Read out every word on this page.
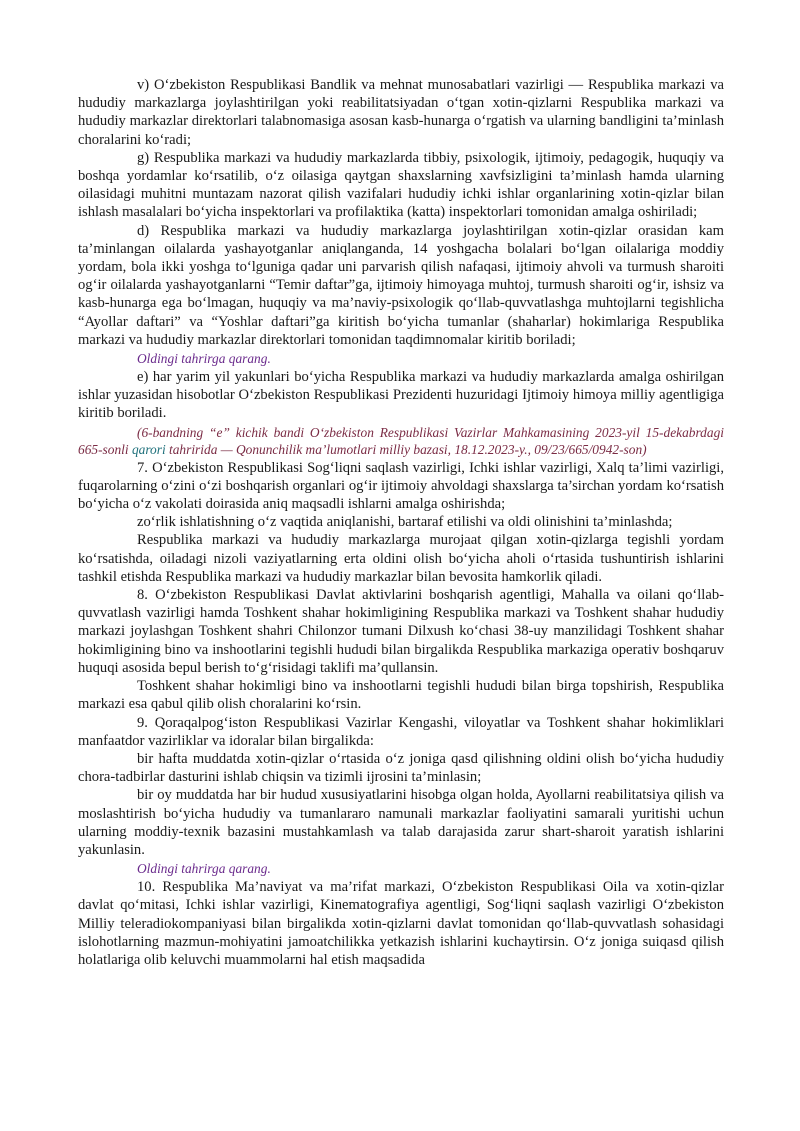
v) O‘zbekiston Respublikasi Bandlik va mehnat munosabatlari vazirligi — Respublika markazi va hududiy markazlarga joylashtirilgan yoki reabilitatsiyadan o‘tgan xotin-qizlarni Respublika markazi va hududiy markazlar direktorlari talabnomasiga asosan kasb-hunarga o‘rgatish va ularning bandligini ta’minlash choralarini ko‘radi;

g) Respublika markazi va hududiy markazlarda tibbiy, psixologik, ijtimoiy, pedagogik, huquqiy va boshqa yordamlar ko‘rsatilib, o‘z oilasiga qaytgan shaxslarning xavfsizligini ta’minlash hamda ularning oilasidagi muhitni muntazam nazorat qilish vazifalari hududiy ichki ishlar organlarining xotin-qizlar bilan ishlash masalalari bo‘yicha inspektorlari va profilaktika (katta) inspektorlari tomonidan amalga oshiriladi;

d) Respublika markazi va hududiy markazlarga joylashtirilgan xotin-qizlar orasidan kam ta’minlangan oilalarda yashayotganlar aniqlanganda, 14 yoshgacha bolalari bo‘lgan oilalariga moddiy yordam, bola ikki yoshga to‘lguniga qadar uni parvarish qilish nafaqasi, ijtimoiy ahvoli va turmush sharoiti og‘ir oilalarda yashayotganlarni “Temir daftar”ga, ijtimoiy himoyaga muhtoj, turmush sharoiti og‘ir, ishsiz va kasb-hunarga ega bo‘lmagan, huquqiy va ma’naviy-psixologik qo‘llab-quvvatlashga muhtojlarni tegishlicha “Ayollar daftari” va “Yoshlar daftari”ga kiritish bo‘yicha tumanlar (shaharlar) hokimlariga Respublika markazi va hududiy markazlar direktorlari tomonidan taqdimnomalar kiritib boriladi;

Oldingi tahrirga qarang.

e) har yarim yil yakunlari bo‘yicha Respublika markazi va hududiy markazlarda amalga oshirilgan ishlar yuzasidan hisobotlar O‘zbekiston Respublikasi Prezidenti huzuridagi Ijtimoiy himoya milliy agentligiga kiritib boriladi.

(6-bandning “e” kichik bandi O‘zbekiston Respublikasi Vazirlar Mahkamasining 2023-yil 15-dekabrdagi 665-sonli qarori tahririda — Qonunchilik ma’lumotlari milliy bazasi, 18.12.2023-y., 09/23/665/0942-son)

7. O‘zbekiston Respublikasi Sog‘liqni saqlash vazirligi, Ichki ishlar vazirligi, Xalq ta’limi vazirligi, fuqarolarning o‘zini o‘zi boshqarish organlari og‘ir ijtimoiy ahvoldagi shaxslarga ta’sirchan yordam ko‘rsatish bo‘yicha o‘z vakolati doirasida aniq maqsadli ishlarni amalga oshirishda;

zo‘rlik ishlatishning o‘z vaqtida aniqlanishi, bartaraf etilishi va oldi olinishini ta’minlashda;

Respublika markazi va hududiy markazlarga murojaat qilgan xotin-qizlarga tegishli yordam ko‘rsatishda, oiladagi nizoli vaziyatlarning erta oldini olish bo‘yicha aholi o‘rtasida tushuntirish ishlarini tashkil etishda Respublika markazi va hududiy markazlar bilan bevosita hamkorlik qiladi.

8. O‘zbekiston Respublikasi Davlat aktivlarini boshqarish agentligi, Mahalla va oilani qo‘llab-quvvatlash vazirligi hamda Toshkent shahar hokimligining Respublika markazi va Toshkent shahar hududiy markazi joylashgan Toshkent shahri Chilonzor tumani Dilxush ko‘chasi 38-uy manzilidagi Toshkent shahar hokimligining bino va inshootlarini tegishli hududi bilan birgalikda Respublika markaziga operativ boshqaruv huquqi asosida bepul berish to‘g‘risidagi taklifi ma’qullansin.

Toshkent shahar hokimligi bino va inshootlarni tegishli hududi bilan birga topshirish, Respublika markazi esa qabul qilib olish choralarini ko‘rsin.

9. Qoraqalpog‘iston Respublikasi Vazirlar Kengashi, viloyatlar va Toshkent shahar hokimliklari manfaatdor vazirliklar va idoralar bilan birgalikda:

bir hafta muddatda xotin-qizlar o‘rtasida o‘z joniga qasd qilishning oldini olish bo‘yicha hududiy chora-tadbirlar dasturini ishlab chiqsin va tizimli ijrosini ta’minlasin;

bir oy muddatda har bir hudud xususiyatlarini hisobga olgan holda, Ayollarni reabilitatsiya qilish va moslashtirish bo‘yicha hududiy va tumanlararo namunali markazlar faoliyatini samarali yuritishi uchun ularning moddiy-texnik bazasini mustahkamlash va talab darajasida zarur shart-sharoit yaratish ishlarini yakunlasin.

Oldingi tahrirga qarang.

10. Respublika Ma’naviyat va ma’rifat markazi, O‘zbekiston Respublikasi Oila va xotin-qizlar davlat qo‘mitasi, Ichki ishlar vazirligi, Kinematografiya agentligi, Sog‘liqni saqlash vazirligi O‘zbekiston Milliy teleradiokompaniyasi bilan birgalikda xotin-qizlarni davlat tomonidan qo‘llab-quvvatlash sohasidagi islohotlarning mazmun-mohiyatini jamoatchilikka yetkazish ishlarini kuchaytirsin. O‘z joniga suiqasd qilish holatlariga olib keluvchi muammolarni hal etish maqsadida
